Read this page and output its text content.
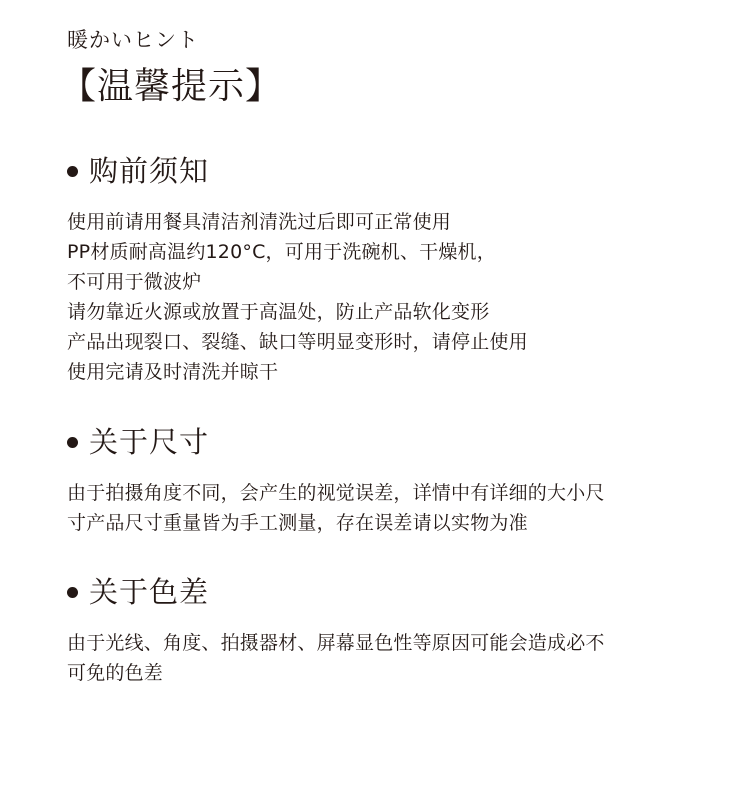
暖かいヒント
【温馨提示】
购前须知
使用前请用餐具清洁剂清洗过后即可正常使用
PP材质耐高温约120°C，可用于洗碗机、干燥机，
不可用于微波炉
请勿靠近火源或放置于高温处，防止产品软化变形
产品出现裂口、裂缝、缺口等明显变形时，请停止使用
使用完请及时清洗并晾干
关于尺寸
由于拍摄角度不同，会产生的视觉误差，详情中有详细的大小尺
寸产品尺寸重量皆为手工测量，存在误差请以实物为准
关于色差
由于光线、角度、拍摄器材、屏幕显色性等原因可能会造成必不
可免的色差
